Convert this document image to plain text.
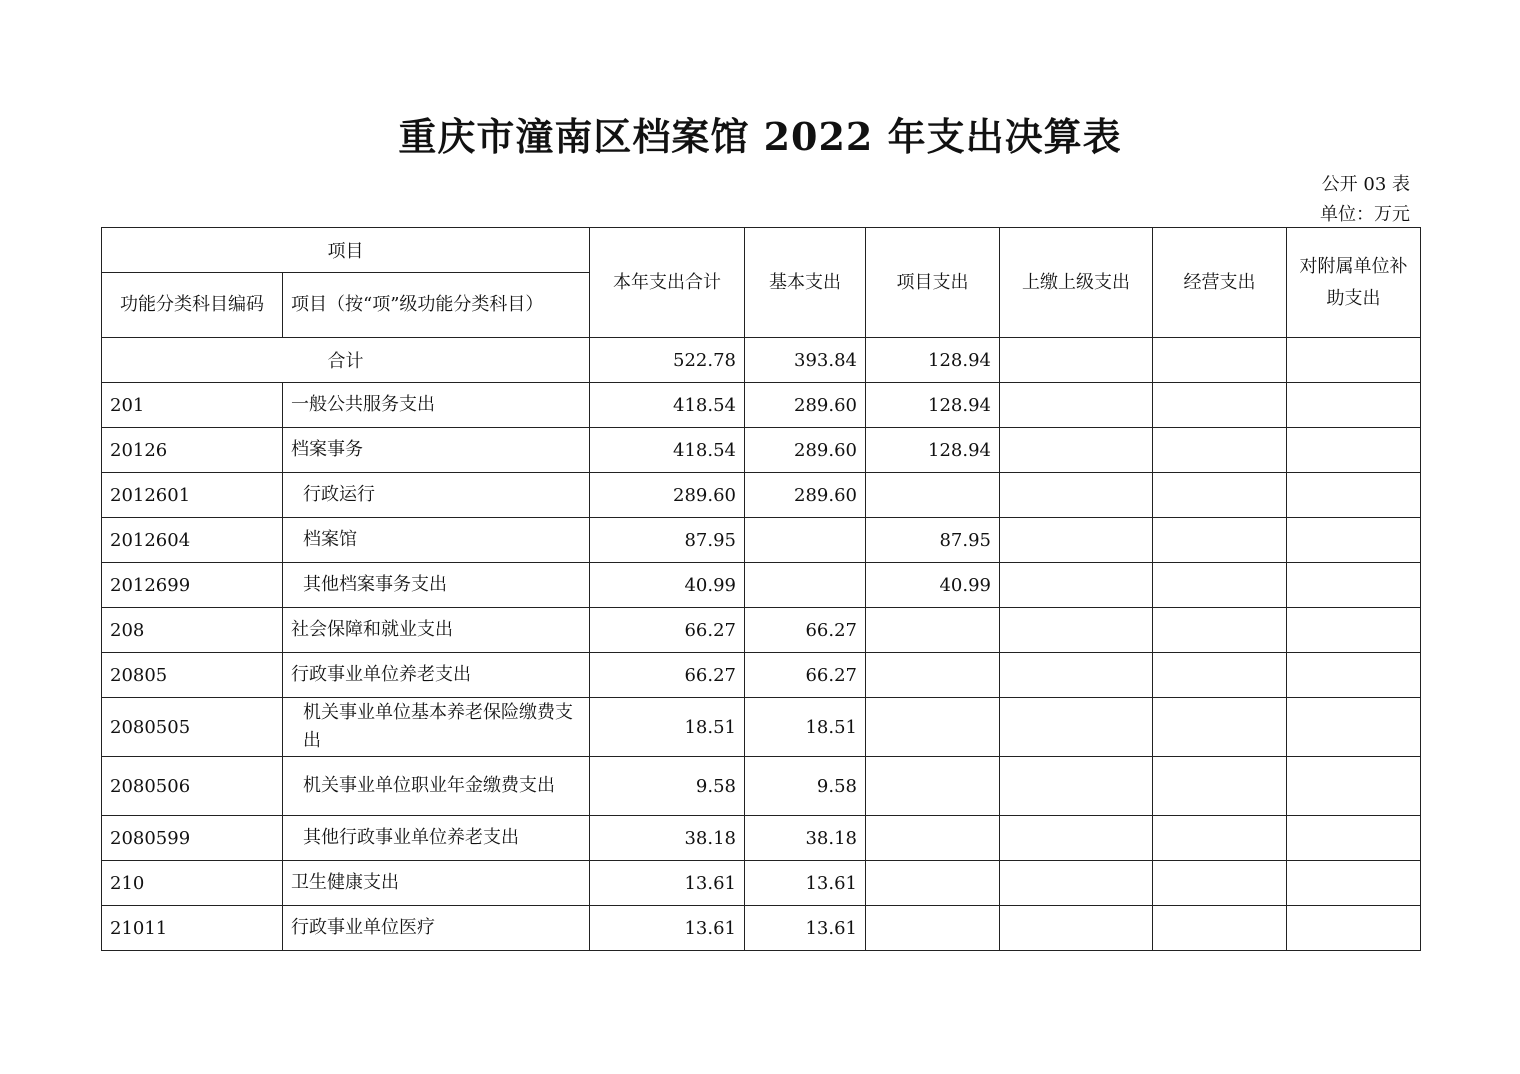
重庆市潼南区档案馆 2022 年支出决算表
公开 03 表
单位：万元
项目		本年支出合计	基本支出	项目支出	上缴上级支出	经营支出	对附属单位补助支出
功能分类科目编码	项目（按“项”级功能分类科目）						
合计		522.78	393.84	128.94			
201	一般公共服务支出	418.54	289.60	128.94			
20126	档案事务	418.54	289.60	128.94			
2012601	行政运行	289.60	289.60				
2012604	档案馆	87.95		87.95			
2012699	其他档案事务支出	40.99		40.99			
208	社会保障和就业支出	66.27	66.27				
20805	行政事业单位养老支出	66.27	66.27				
2080505	机关事业单位基本养老保险缴费支出	18.51	18.51				
2080506	机关事业单位职业年金缴费支出	9.58	9.58				
2080599	其他行政事业单位养老支出	38.18	38.18				
210	卫生健康支出	13.61	13.61				
21011	行政事业单位医疗	13.61	13.61				
